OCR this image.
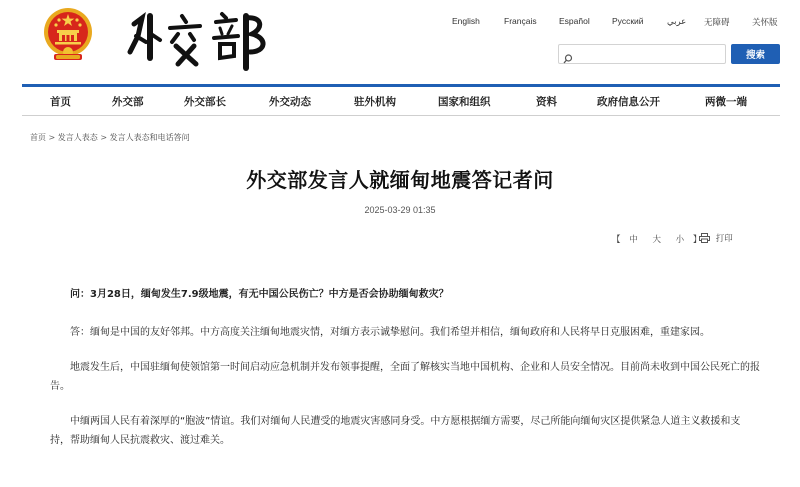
English	Français	Español	Русский	عربي 无障碍	关怀版
搜索
首页	外交部	外交部长	外交动态	驻外机构	国家和组织	资料	政府信息公开	两微一端
首页 > 发言人表态 > 发言人表态和电话答问
外交部发言人就缅甸地震答记者问
2025-03-29 01:35
【 中 大 小 】	打印

问：3月28日，缅甸发生7.9级地震，有无中国公民伤亡？中方是否会协助缅甸救灾？

答：缅甸是中国的友好邻邦。中方高度关注缅甸地震灾情，对缅方表示诚挚慰问。我们希望并相信，缅甸政府和人民将早日克服困难，重建家园。

地震发生后，中国驻缅甸使领馆第一时间启动应急机制并发布领事提醒，全面了解核实当地中国机构、企业和人员安全情况。目前尚未收到中国公民死亡的报告。

中缅两国人民有着深厚的“胞波”情谊。我们对缅甸人民遭受的地震灾害感同身受。中方愿根据缅方需要，尽己所能向缅甸灾区提供紧急人道主义救援和支持，帮助缅甸人民抗震救灾、渡过难关。
